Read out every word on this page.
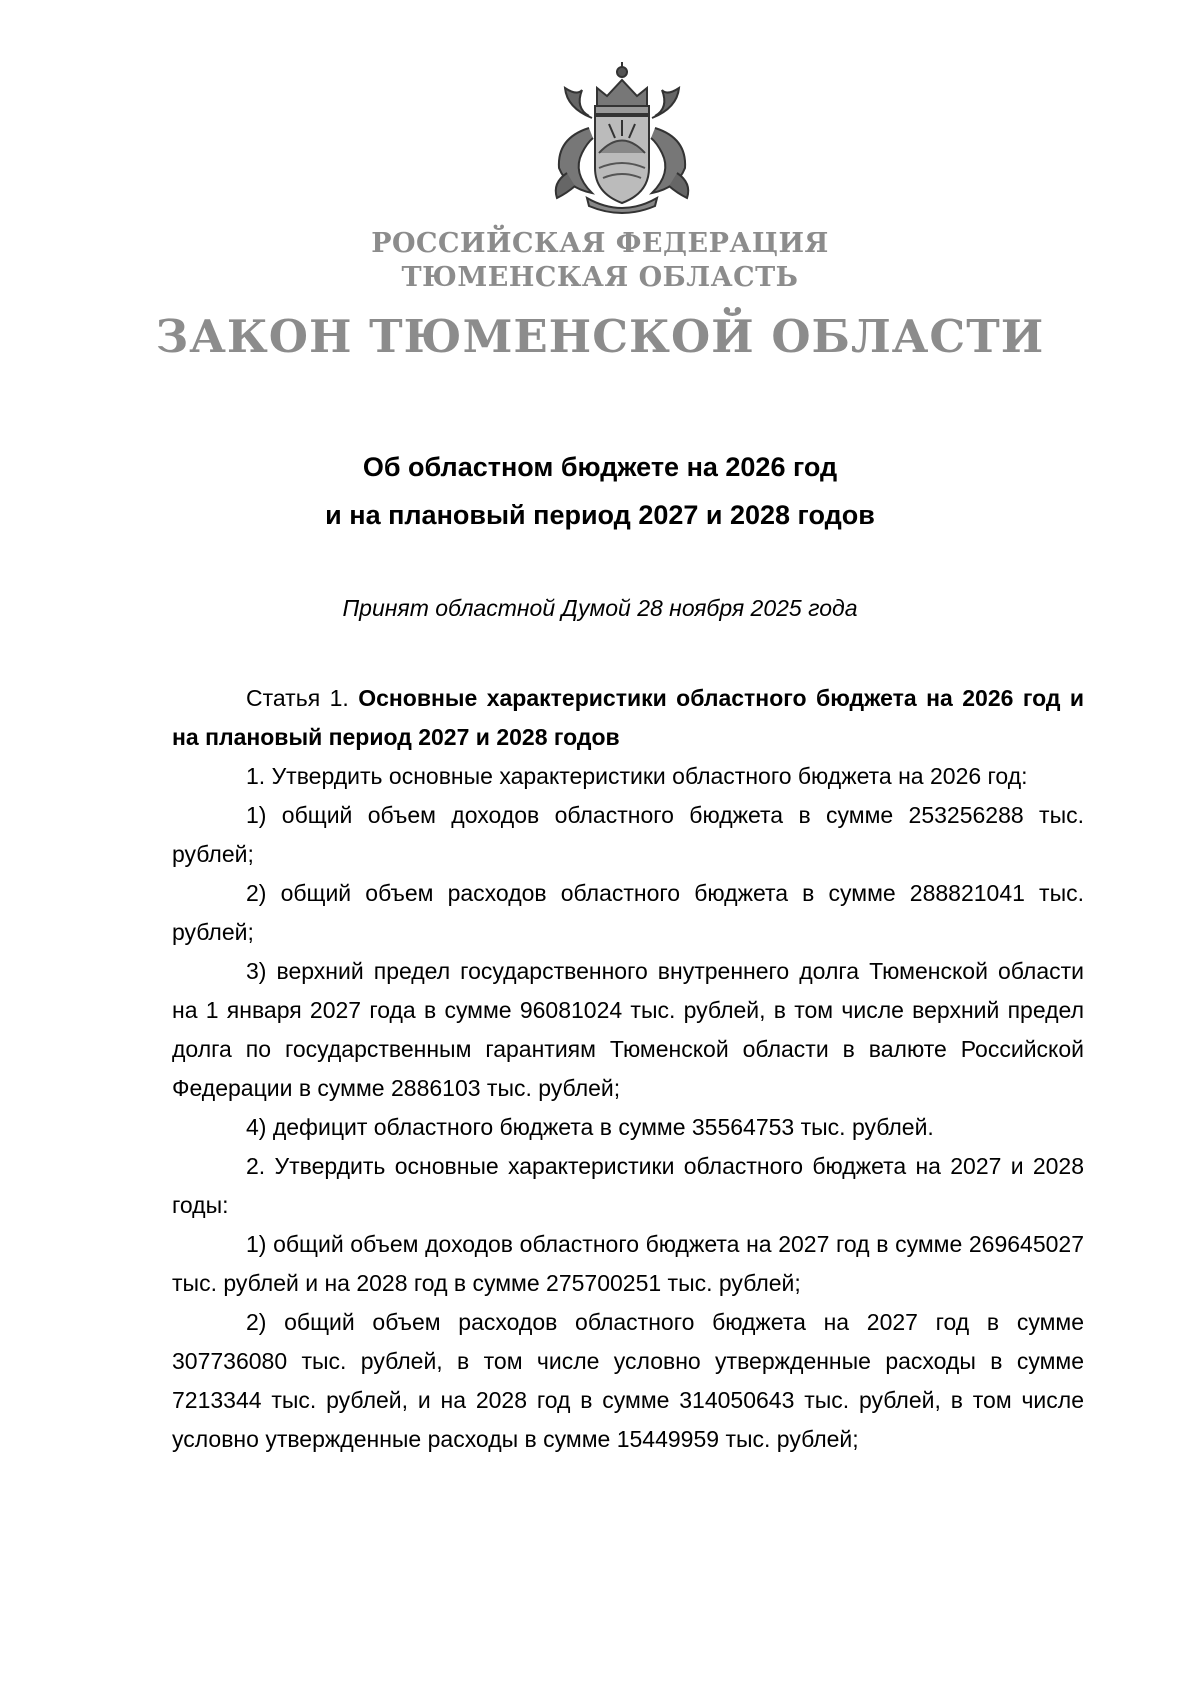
РОССИЙСКАЯ ФЕДЕРАЦИЯ
ТЮМЕНСКАЯ ОБЛАСТЬ
ЗАКОН ТЮМЕНСКОЙ ОБЛАСТИ
Об областном бюджете на 2026 год
и на плановый период 2027 и 2028 годов
Принят областной Думой 28 ноября 2025 года

Статья 1. Основные характеристики областного бюджета на 2026 год и на плановый период 2027 и 2028 годов

1. Утвердить основные характеристики областного бюджета на 2026 год:

1) общий объем доходов областного бюджета в сумме 253256288 тыс. рублей;

2) общий объем расходов областного бюджета в сумме 288821041 тыс. рублей;

3) верхний предел государственного внутреннего долга Тюменской области на 1 января 2027 года в сумме 96081024 тыс. рублей, в том числе верхний предел долга по государственным гарантиям Тюменской области в валюте Российской Федерации в сумме 2886103 тыс. рублей;

4) дефицит областного бюджета в сумме 35564753 тыс. рублей.

2. Утвердить основные характеристики областного бюджета на 2027 и 2028 годы:

1) общий объем доходов областного бюджета на 2027 год в сумме 269645027 тыс. рублей и на 2028 год в сумме 275700251 тыс. рублей;

2) общий объем расходов областного бюджета на 2027 год в сумме 307736080 тыс. рублей, в том числе условно утвержденные расходы в сумме 7213344 тыс. рублей, и на 2028 год в сумме 314050643 тыс. рублей, в том числе условно утвержденные расходы в сумме 15449959 тыс. рублей;
